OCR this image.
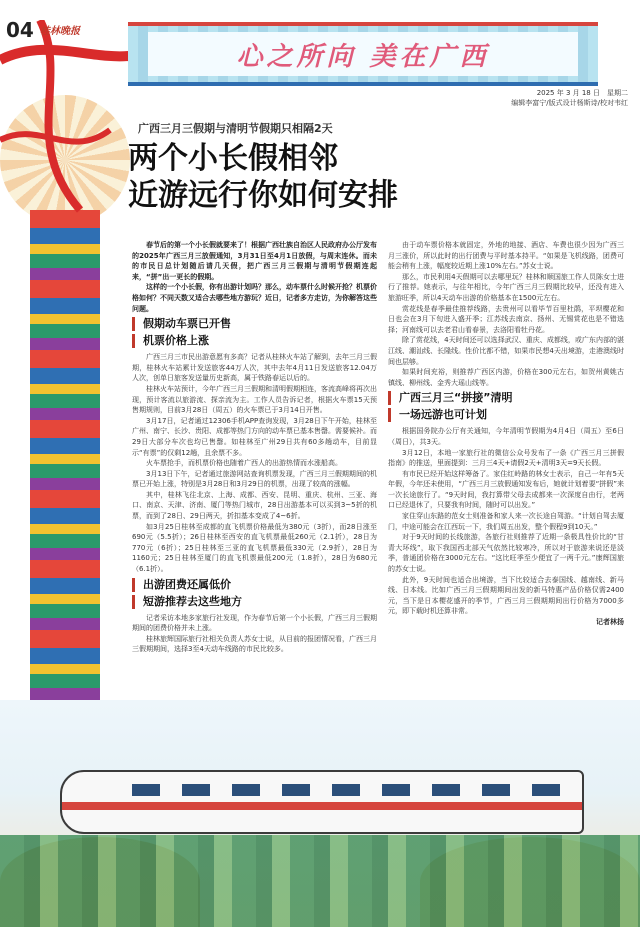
04 桂林晚报
心之所向 美在广西
2025 年 3 月 18 日　星期二
编辑李富宁/版式设计杨斯诗/校对韦红
广西三月三假期与清明节假期只相隔2天
两个小长假相邻
近游远行你如何安排

春节后的第一个小长假就要来了！根据广西壮族自治区人民政府办公厅发布的2025年广西三月三放假通知，3月31日至4月1日放假，与周末连休。而未的市民日总计划随后请几天假，把广西三月三假期与清明节假期连起来，“拼”出一更长的假期。

这样的一个小长假，你有出游计划吗？那么，动车票什么时候开抢？机票价格如何？不同天数又适合去哪些地方游玩？近日，记者多方走访，为你解答这些问题。

假期动车票已开售
机票价格上涨

广西三月三市民出游意愿有多高？记者从桂林火车站了解到，去年三月三假期，桂林火车站累计发送旅客44万人次，其中去年4月11日发送旅客12.04万人次，创单日旅客发送量历史新高，属于铁路春运以后的。

桂林火车站预计，今年广西三月三假期和清明假期相连，客流高峰将再次出现，预计客流以旅游流、探亲流为主。工作人员告诉记者，根据火车票15天预售期规则，目前3月28日（周五）的火车票已于3月14日开售。

3月17日，记者通过12306手机APP查询发现，3月28日下午开始，桂林至广州、南宁、长沙、贵阳、成都等热门方向的动车票已基本售罄。需要候补。而29日大部分车次也均已售罄。如桂林至广州29日共有60多趟动车，目前显示“有票”的仅剩12趟，且余票不多。

火车票抢手，而机票价格也随着广西人的出游热情而水涨船高。

3月13日下午，记者通过旅游网站查询机票发现，广西三月三假期期间的机票已开始上涨，特别是3月28日和3月29日的机票，出现了较高的涨幅。

其中，桂林飞往北京、上海、成都、西安、昆明、重庆、杭州、三亚、海口、南京、天津、济南、厦门等热门城市，28日出游基本可以买到3~5折的机票，而到了28日、29日两天，折扣基本变成了4~6折。

如3月25日桂林至成都的直飞机票价格最低为380元（3折），而28日涨至690元（5.5折）；26日桂林至西安的直飞机票最低260元（2.1折），28日为770元（6折）；25日桂林至三亚的直飞机票最低330元（2.9折），28日为1160元；25日桂林至厦门的直飞机票最低200元（1.8折），28日为680元（6.1折）。

出游团费还属低价
短游推荐去这些地方

记者采访本地多家旅行社发现，作为春节后第一个小长假，广西三月三假期期间的团费价格并未上涨。

桂林旅辉国际旅行社相关负责人苏女士说，从目前的报团情况看，广西三月三假期期间，选择3至4天动车线路的市民比较多。

由于动车票价格本就固定，外地的地接、酒店、车费也很少因为广西三月三涨价，所以此时的出行团费与平时基本持平。“如果是飞机线路，团费可能会稍有上涨，幅度较近期上涨10%左右。”苏女士说。

那么，市民利用4天假期可以去哪里玩？桂林和顺国旅工作人员陈女士进行了推荐。她表示，与往年相比，今年广西三月三假期比较早，还没有进入旅游旺季，所以4天动车出游的价格基本在1500元左右。

赏花线是春季最佳推荐线路，去贵州可以看毕节百里杜鹃，平坝樱花和日也会在3月下旬进入盛开季；江苏线去南京、扬州、无锡赏花也是不错选择；河南线可以去老君山看春景，去洛阳看牡丹花。

除了赏花线，4天时间还可以选择武汉、重庆、成都线，或广东内部的湛江线、潮汕线、长隆线。性价比都不错，如果市民想4天出境游，走港澳线时间也层够。

如果时间充裕，则推荐广西区内游，价格在300元左右，如贺州黄姚古镇线、柳州线、金秀大瑶山线等。

广西三月三“拼接”清明
一场远游也可计划

根据国务院办公厅有关通知，今年清明节假期为4月4日（周五）至6日（周日），共3天。

3月12日，本地一家旅行社的微信公众号发布了一条《广西三月三拼假指南》的推送，里面提到：三月三4天+请假2天+清明3天=9天长假。

有市民已经开始这样筹备了。家住红岭路的林女士表示，自己一年有5天年假，今年还未使用，“广西三月三放假通知发布后，她就计划着要“拼假”来一次长途旅行了。“9天时间，我打算带父母去成都来一次深度自由行，老两口已经退休了，只要我有时间，随时可以出发。”

家住穿山东路的范女士则准备和家人来一次长途自驾游。“计划自驾去厦门，中途可能会在江西玩一下，我们周五出发，整个假程9到10天。”

对于9天时间的长线旅游，各旅行社则推荐了近期一条极具性价比的“甘青大环线”，取下我国西北部天气依然比较寒冷，所以对于旅游来说还是淡季，普通团价格在3000元左右。“这比旺季至少便宜了一两千元。”康辉国旅的苏女士说。

此外，9天时间也适合出境游，当下比较适合去泰国线、越南线、新马线、日本线。比如广西三月三假期期间出发的新马特惠产品价格仅需2400元，当下是日本樱花盛开的季节，广西三月三假期期间出行价格为7000多元，即下载时机还算非常。

记者林扬
